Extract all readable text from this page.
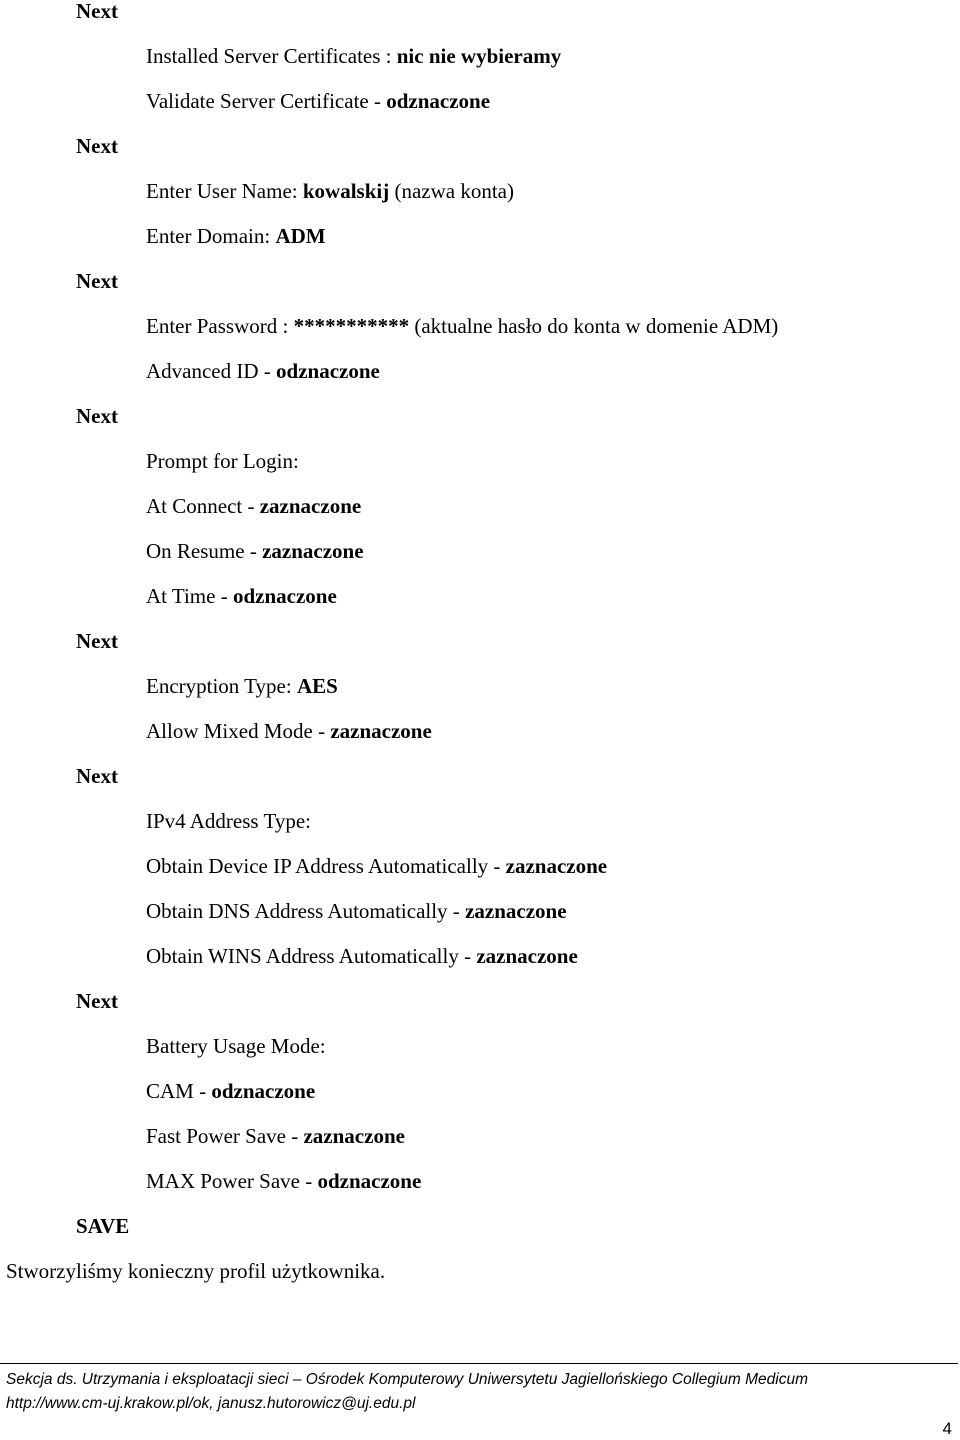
Next
Installed Server Certificates : nic nie wybieramy
Validate Server Certificate - odznaczone
Next
Enter User Name: kowalskij (nazwa konta)
Enter Domain: ADM
Next
Enter Password : *********** (aktualne hasło do konta w domenie ADM)
Advanced ID - odznaczone
Next
Prompt for Login:
At Connect - zaznaczone
On Resume - zaznaczone
At Time - odznaczone
Next
Encryption Type: AES
Allow Mixed Mode - zaznaczone
Next
IPv4 Address Type:
Obtain Device IP Address Automatically - zaznaczone
Obtain DNS Address Automatically - zaznaczone
Obtain WINS Address Automatically - zaznaczone
Next
Battery Usage Mode:
CAM - odznaczone
Fast Power Save - zaznaczone
MAX Power Save - odznaczone
SAVE
Stworzyliśmy konieczny profil użytkownika.
Sekcja ds. Utrzymania i eksploatacji sieci – Ośrodek Komputerowy Uniwersytetu Jagiellońskiego Collegium Medicum
http://www.cm-uj.krakow.pl/ok, janusz.hutorowicz@uj.edu.pl
4
